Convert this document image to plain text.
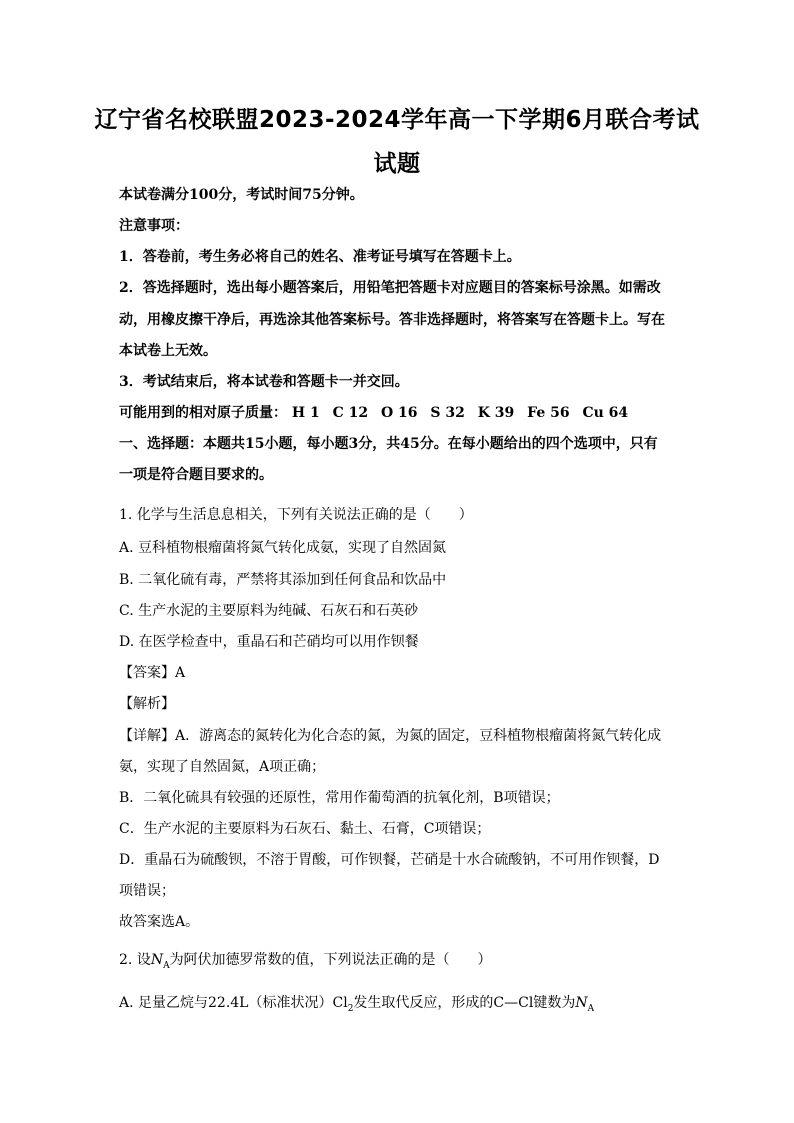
辽宁省名校联盟2023-2024学年高一下学期6月联合考试
试题
本试卷满分100分，考试时间75分钟。
注意事项：
1．答卷前，考生务必将自己的姓名、准考证号填写在答题卡上。
2．答选择题时，选出每小题答案后，用铅笔把答题卡对应题目的答案标号涂黑。如需改
动，用橡皮擦干净后，再选涂其他答案标号。答非选择题时，将答案写在答题卡上。写在
本试卷上无效。
3．考试结束后，将本试卷和答题卡一并交回。
可能用到的相对原子质量： H 1 C 12 O 16 S 32 K 39 Fe 56 Cu 64
一、选择题：本题共15小题，每小题3分，共45分。在每小题给出的四个选项中，只有
一项是符合题目要求的。
1. 化学与生活息息相关，下列有关说法正确的是（　　）
A. 豆科植物根瘤菌将氮气转化成氨，实现了自然固氮
B. 二氧化硫有毒，严禁将其添加到任何食品和饮品中
C. 生产水泥的主要原料为纯碱、石灰石和石英砂
D. 在医学检查中，重晶石和芒硝均可以用作钡餐
【答案】A
【解析】
【详解】A．游离态的氮转化为化合态的氮，为氮的固定，豆科植物根瘤菌将氮气转化成
氨，实现了自然固氮，A项正确；
B．二氧化硫具有较强的还原性，常用作葡萄酒的抗氧化剂，B项错误；
C．生产水泥的主要原料为石灰石、黏土、石膏，C项错误；
D．重晶石为硫酸钡，不溶于胃酸，可作钡餐，芒硝是十水合硫酸钠，不可用作钡餐，D
项错误；
故答案选A。
2. 设$N_A$为阿伏加德罗常数的值，下列说法正确的是（　　）
A. 足量乙烷与22.4L（标准状况）$Cl_2$发生取代反应，形成的C—Cl键数为$N_A$
